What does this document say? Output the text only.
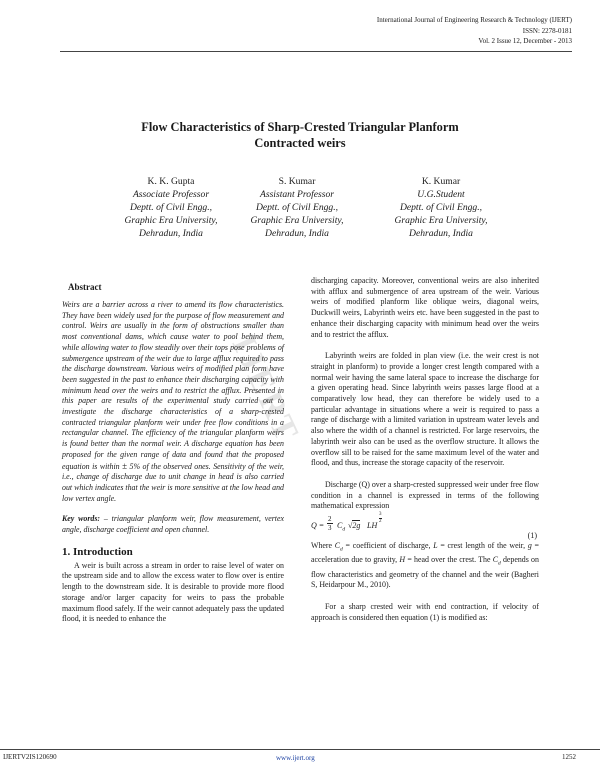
International Journal of Engineering Research & Technology (IJERT)
ISSN: 2278-0181
Vol. 2 Issue 12, December - 2013
Flow Characteristics of Sharp-Crested Triangular Planform
Contracted weirs
K. K. Gupta
Associate Professor
Deptt. of Civil Engg.,
Graphic Era University,
Dehradun, India
S. Kumar
Assistant Professor
Deptt. of Civil Engg.,
Graphic Era University,
Dehradun, India
K. Kumar
U.G.Student
Deptt. of Civil Engg.,
Graphic Era University,
Dehradun, India
IJERT
Abstract
Weirs are a barrier across a river to amend its flow characteristics. They have been widely used for the purpose of flow measurement and control. Weirs are usually in the form of obstructions smaller than most conventional dams, which cause water to pool behind them, while allowing water to flow steadily over their tops pose problems of submergence upstream of the weir due to large afflux required to pass the discharge downstream. Various weirs of modified plan form have been suggested in the past to enhance their discharging capacity with minimum head over the weirs and to restrict the afflux. Presented in this paper are results of the experimental study carried out to investigate the discharge characteristics of a sharp-crested contracted triangular planform weir under free flow conditions in a rectangular channel. The efficiency of the triangular planform weirs is found better than the normal weir. A discharge equation has been proposed for the given range of data and found that the proposed equation is within ± 5% of the observed ones. Sensitivity of the weir, i.e., change of discharge due to unit change in head is also carried out which indicates that the weir is more sensitive at the low head and low vertex angle.
Key words: – triangular planform weir, flow measurement, vertex angle, discharge coefficient and open channel.
1. Introduction
A weir is built across a stream in order to raise level of water on the upstream side and to allow the excess water to flow over is entire length to the downstream side. It is desirable to provide more flood storage and/or larger capacity for weirs to pass the probable maximum flood safely. If the weir cannot adequately pass the updated flood, it is needed to enhance the
discharging capacity. Moreover, conventional weirs are also inherited with afflux and submergence of area upstream of the weir. Various weirs of modified planform like oblique weirs, diagonal weirs, Duckwill weirs, Labyrinth weirs etc. have been suggested in the past to enhance their discharging capacity with minimum head over the weirs and to restrict the afflux.
Labyrinth weirs are folded in plan view (i.e. the weir crest is not straight in planform) to provide a longer crest length compared with a normal weir having the same lateral space to increase the discharge for a given operating head. Since labyrinth weirs passes large flood at a comparatively low head, they can therefore be widely used to a particular advantage in situations where a weir is required to pass a range of discharge with a limited variation in upstream water levels and also where the width of a channel is restricted. For large reservoirs, the labyrinth weir also can be used as the overflow structure. It allows the overflow sill to be raised for the same maximum level of the water and flood, and thus, increase the storage capacity of the reservoir.
Discharge (Q) over a sharp-crested suppressed weir under free flow condition in a channel is expressed in terms of the following mathematical expression
$Q = \frac{2}{3} C_d$ √2g LH
$\frac{3}{2}$
(1)
Where $C_d$ = coefficient of discharge, L = crest length of the weir, g = acceleration due to gravity, H = head over the crest. The $C_d$ depends on flow characteristics and geometry of the channel and the weir (Bagheri S, Heidarpour M., 2010).
For a sharp crested weir with end contraction, if velocity of approach is considered then equation (1) is modified as:
IJERTV2IS120690	www.ijert.org	1252
